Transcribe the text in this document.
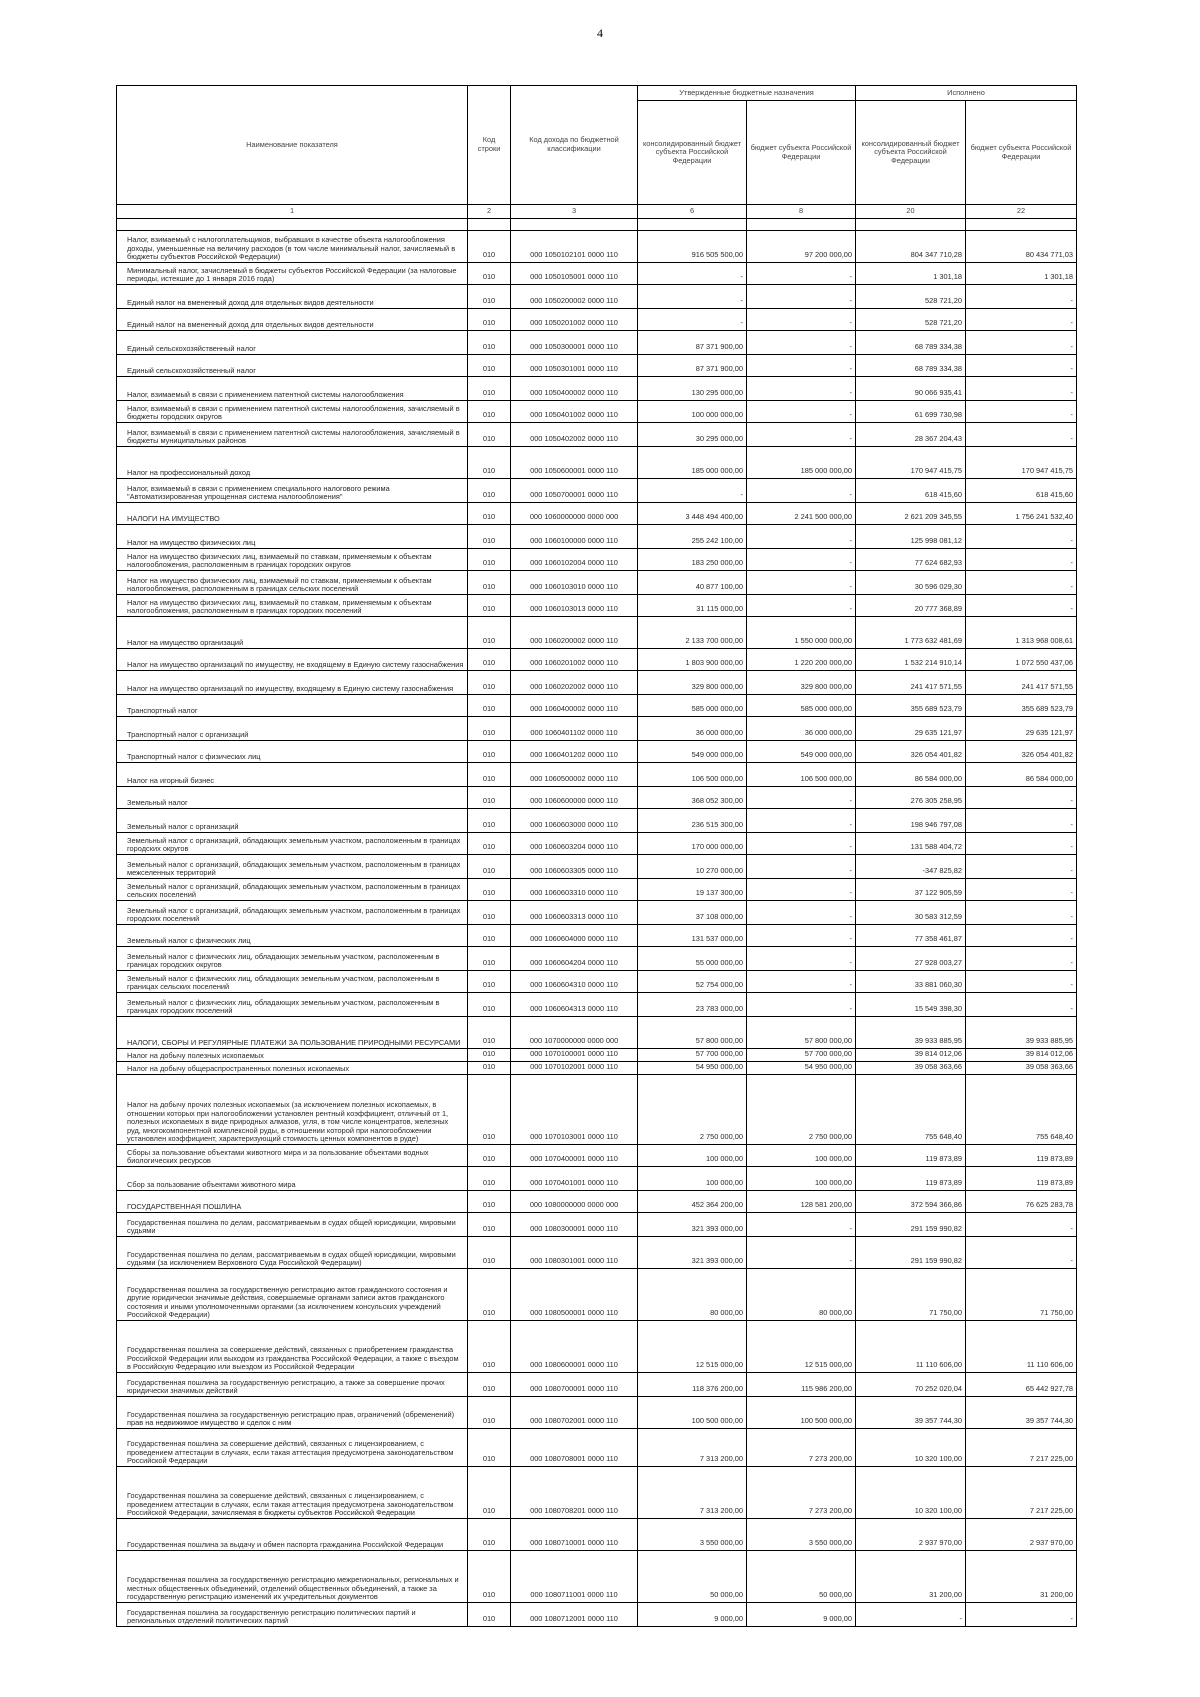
4
Наименование показателя	Код строки	Код дохода по бюджетной классификации	Утвержденные бюджетные назначения		Исполнено	
			консолидированный бюджет субъекта Российской Федерации	бюджет субъекта Российской Федерации	консолидированный бюджет субъекта Российской Федерации	бюджет субъекта Российской Федерации
1	2	3	6	8	20	22

Налог, взимаемый с налогоплательщиков, выбравших в качестве объекта налогообложения доходы, уменьшенные на величину расходов (в том числе минимальный налог, зачисляемый в бюджеты субъектов Российской Федерации)	010	000 1050102101 0000 110	916 505 500,00	97 200 000,00	804 347 710,28	80 434 771,03
Минимальный налог, зачисляемый в бюджеты субъектов Российской Федерации (за налоговые периоды, истекшие до 1 января 2016 года)	010	000 1050105001 0000 110	-	-	1 301,18	1 301,18
Единый налог на вмененный доход для отдельных видов деятельности	010	000 1050200002 0000 110	-	-	528 721,20	-
Единый налог на вмененный доход для отдельных видов деятельности	010	000 1050201002 0000 110	-	-	528 721,20	-
Единый сельскохозяйственный налог	010	000 1050300001 0000 110	87 371 900,00	-	68 789 334,38	-
Единый сельскохозяйственный налог	010	000 1050301001 0000 110	87 371 900,00	-	68 789 334,38	-
Налог, взимаемый в связи с применением патентной системы налогообложения	010	000 1050400002 0000 110	130 295 000,00	-	90 066 935,41	-
Налог, взимаемый в связи с применением патентной системы налогообложения, зачисляемый в бюджеты городских округов	010	000 1050401002 0000 110	100 000 000,00	-	61 699 730,98	-
Налог, взимаемый в связи с применением патентной системы налогообложения, зачисляемый в бюджеты муниципальных районов	010	000 1050402002 0000 110	30 295 000,00	-	28 367 204,43	-
Налог на профессиональный доход	010	000 1050600001 0000 110	185 000 000,00	185 000 000,00	170 947 415,75	170 947 415,75
Налог, взимаемый в связи с применением специального налогового режима "Автоматизированная упрощенная система налогообложения"	010	000 1050700001 0000 110	-	-	618 415,60	618 415,60
НАЛОГИ НА ИМУЩЕСТВО	010	000 1060000000 0000 000	3 448 494 400,00	2 241 500 000,00	2 621 209 345,55	1 756 241 532,40
Налог на имущество физических лиц	010	000 1060100000 0000 110	255 242 100,00	-	125 998 081,12	-
Налог на имущество физических лиц, взимаемый по ставкам, применяемым к объектам налогообложения, расположенным в границах городских округов	010	000 1060102004 0000 110	183 250 000,00	-	77 624 682,93	-
Налог на имущество физических лиц, взимаемый по ставкам, применяемым к объектам налогообложения, расположенным в границах сельских поселений	010	000 1060103010 0000 110	40 877 100,00	-	30 596 029,30	-
Налог на имущество физических лиц, взимаемый по ставкам, применяемым к объектам налогообложения, расположенным в границах городских поселений	010	000 1060103013 0000 110	31 115 000,00	-	20 777 368,89	-
Налог на имущество организаций	010	000 1060200002 0000 110	2 133 700 000,00	1 550 000 000,00	1 773 632 481,69	1 313 968 008,61
Налог на имущество организаций по имуществу, не входящему в Единую систему газоснабжения	010	000 1060201002 0000 110	1 803 900 000,00	1 220 200 000,00	1 532 214 910,14	1 072 550 437,06
Налог на имущество организаций по имуществу, входящему в Единую систему газоснабжения	010	000 1060202002 0000 110	329 800 000,00	329 800 000,00	241 417 571,55	241 417 571,55
Транспортный налог	010	000 1060400002 0000 110	585 000 000,00	585 000 000,00	355 689 523,79	355 689 523,79
Транспортный налог с организаций	010	000 1060401102 0000 110	36 000 000,00	36 000 000,00	29 635 121,97	29 635 121,97
Транспортный налог с физических лиц	010	000 1060401202 0000 110	549 000 000,00	549 000 000,00	326 054 401,82	326 054 401,82
Налог на игорный бизнес	010	000 1060500002 0000 110	106 500 000,00	106 500 000,00	86 584 000,00	86 584 000,00
Земельный налог	010	000 1060600000 0000 110	368 052 300,00	-	276 305 258,95	-
Земельный налог с организаций	010	000 1060603000 0000 110	236 515 300,00	-	198 946 797,08	-
Земельный налог с организаций, обладающих земельным участком, расположенным в границах городских округов	010	000 1060603204 0000 110	170 000 000,00	-	131 588 404,72	-
Земельный налог с организаций, обладающих земельным участком, расположенным в границах межселенных территорий	010	000 1060603305 0000 110	10 270 000,00	-	-347 825,82	-
Земельный налог с организаций, обладающих земельным участком, расположенным в границах сельских поселений	010	000 1060603310 0000 110	19 137 300,00	-	37 122 905,59	-
Земельный налог с организаций, обладающих земельным участком, расположенным в границах городских поселений	010	000 1060603313 0000 110	37 108 000,00	-	30 583 312,59	-
Земельный налог с физических лиц	010	000 1060604000 0000 110	131 537 000,00	-	77 358 461,87	-
Земельный налог с физических лиц, обладающих земельным участком, расположенным в границах городских округов	010	000 1060604204 0000 110	55 000 000,00	-	27 928 003,27	-
Земельный налог с физических лиц, обладающих земельным участком, расположенным в границах сельских поселений	010	000 1060604310 0000 110	52 754 000,00	-	33 881 060,30	-
Земельный налог с физических лиц, обладающих земельным участком, расположенным в границах городских поселений	010	000 1060604313 0000 110	23 783 000,00	-	15 549 398,30	-
НАЛОГИ, СБОРЫ И РЕГУЛЯРНЫЕ ПЛАТЕЖИ ЗА ПОЛЬЗОВАНИЕ ПРИРОДНЫМИ РЕСУРСАМИ	010	000 1070000000 0000 000	57 800 000,00	57 800 000,00	39 933 885,95	39 933 885,95
Налог на добычу полезных ископаемых	010	000 1070100001 0000 110	57 700 000,00	57 700 000,00	39 814 012,06	39 814 012,06
Налог на добычу общераспространенных полезных ископаемых	010	000 1070102001 0000 110	54 950 000,00	54 950 000,00	39 058 363,66	39 058 363,66
Налог на добычу прочих полезных ископаемых (за исключением полезных ископаемых, в отношении которых при налогообложении установлен рентный коэффициент, отличный от 1, полезных ископаемых в виде природных алмазов, угля, в том числе концентратов, железных руд, многокомпонентной комплексной руды, в отношении которой при налогообложении установлен коэффициент, характеризующий стоимость ценных компонентов в руде)	010	000 1070103001 0000 110	2 750 000,00	2 750 000,00	755 648,40	755 648,40
Сборы за пользование объектами животного мира и за пользование объектами водных биологических ресурсов	010	000 1070400001 0000 110	100 000,00	100 000,00	119 873,89	119 873,89
Сбор за пользование объектами животного мира	010	000 1070401001 0000 110	100 000,00	100 000,00	119 873,89	119 873,89
ГОСУДАРСТВЕННАЯ ПОШЛИНА	010	000 1080000000 0000 000	452 364 200,00	128 581 200,00	372 594 366,86	76 625 283,78
Государственная пошлина по делам, рассматриваемым в судах общей юрисдикции, мировыми судьями	010	000 1080300001 0000 110	321 393 000,00	-	291 159 990,82	-
Государственная пошлина по делам, рассматриваемым в судах общей юрисдикции, мировыми судьями (за исключением Верховного Суда Российской Федерации)	010	000 1080301001 0000 110	321 393 000,00	-	291 159 990,82	-
Государственная пошлина за государственную регистрацию актов гражданского состояния и другие юридически значимые действия, совершаемые органами записи актов гражданского состояния и иными уполномоченными органами (за исключением консульских учреждений Российской Федерации)	010	000 1080500001 0000 110	80 000,00	80 000,00	71 750,00	71 750,00
Государственная пошлина за совершение действий, связанных с приобретением гражданства Российской Федерации или выходом из гражданства Российской Федерации, а также с въездом в Российскую Федерацию или выездом из Российской Федерации	010	000 1080600001 0000 110	12 515 000,00	12 515 000,00	11 110 606,00	11 110 606,00
Государственная пошлина за государственную регистрацию, а также за совершение прочих юридически значимых действий	010	000 1080700001 0000 110	118 376 200,00	115 986 200,00	70 252 020,04	65 442 927,78
Государственная пошлина за государственную регистрацию прав, ограничений (обременений) прав на недвижимое имущество и сделок с ним	010	000 1080702001 0000 110	100 500 000,00	100 500 000,00	39 357 744,30	39 357 744,30
Государственная пошлина за совершение действий, связанных с лицензированием, с проведением аттестации в случаях, если такая аттестация предусмотрена законодательством Российской Федерации	010	000 1080708001 0000 110	7 313 200,00	7 273 200,00	10 320 100,00	7 217 225,00
Государственная пошлина за совершение действий, связанных с лицензированием, с проведением аттестации в случаях, если такая аттестация предусмотрена законодательством Российской Федерации, зачисляемая в бюджеты субъектов Российской Федерации	010	000 1080708201 0000 110	7 313 200,00	7 273 200,00	10 320 100,00	7 217 225,00
Государственная пошлина за выдачу и обмен паспорта гражданина Российской Федерации	010	000 1080710001 0000 110	3 550 000,00	3 550 000,00	2 937 970,00	2 937 970,00
Государственная пошлина за государственную регистрацию межрегиональных, региональных и местных общественных объединений, отделений общественных объединений, а также за государственную регистрацию изменений их учредительных документов	010	000 1080711001 0000 110	50 000,00	50 000,00	31 200,00	31 200,00
Государственная пошлина за государственную регистрацию политических партий и региональных отделений политических партий	010	000 1080712001 0000 110	9 000,00	9 000,00	-	-
